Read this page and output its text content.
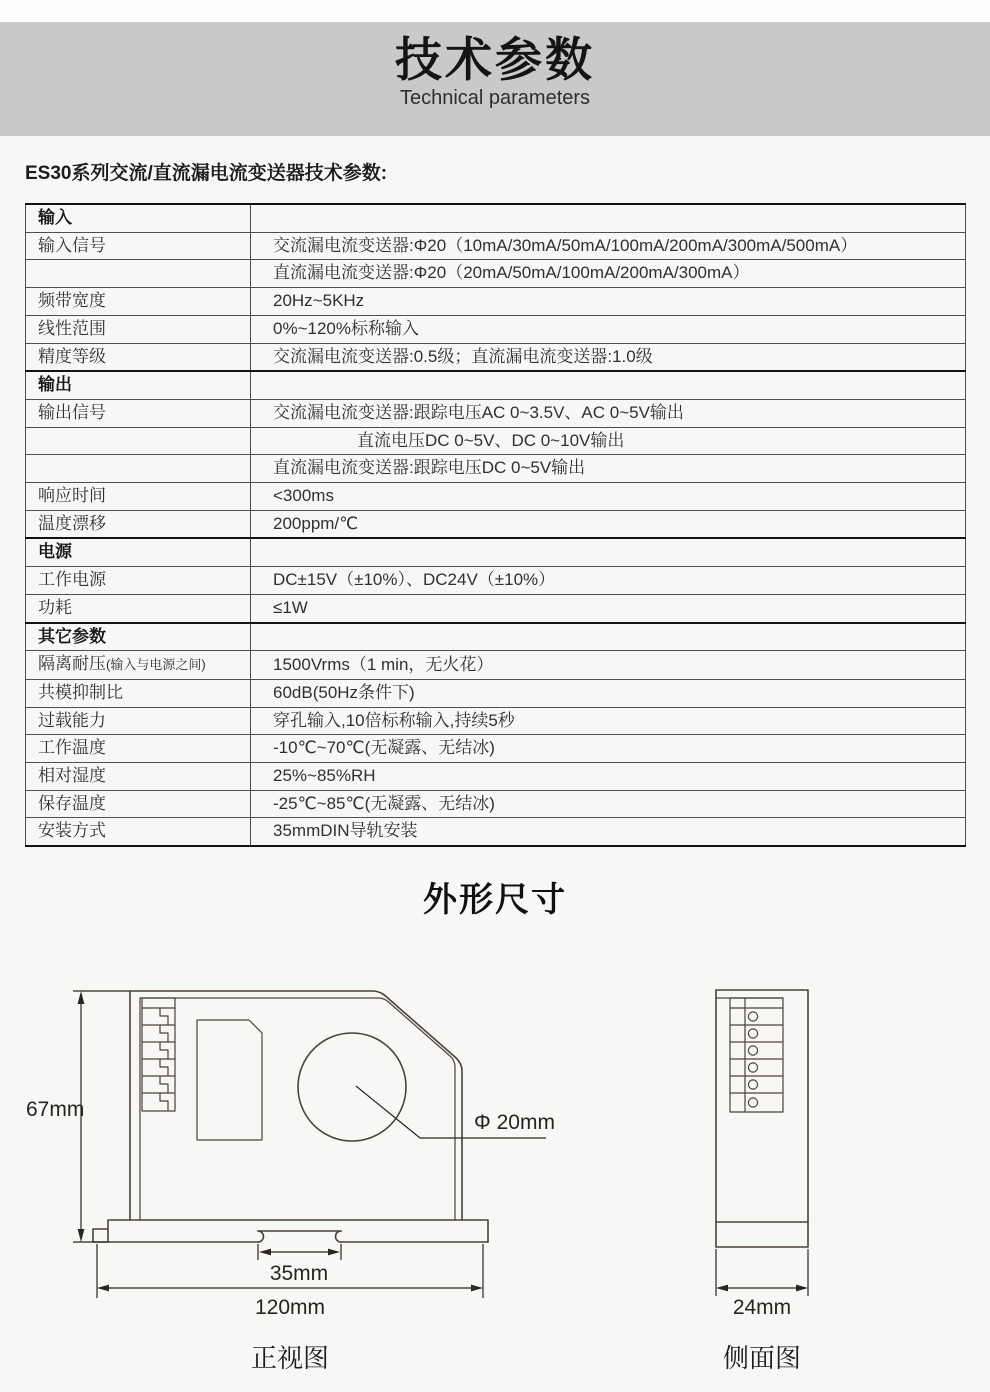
技术参数
Technical parameters
ES30系列交流/直流漏电流变送器技术参数:
输入	
输入信号	交流漏电流变送器:Φ20（10mA/30mA/50mA/100mA/200mA/300mA/500mA）
	直流漏电流变送器:Φ20（20mA/50mA/100mA/200mA/300mA）
频带宽度	20Hz~5KHz
线性范围	0%~120%标称输入
精度等级	交流漏电流变送器:0.5级；直流漏电流变送器:1.0级
输出	
输出信号	交流漏电流变送器:跟踪电压AC 0~3.5V、AC 0~5V输出
	直流电压DC 0~5V、DC 0~10V输出
	直流漏电流变送器:跟踪电压DC 0~5V输出
响应时间	<300ms
温度漂移	200ppm/℃
电源	
工作电源	DC±15V（±10%）、DC24V（±10%）
功耗	≤1W
其它参数	
隔离耐压(输入与电源之间)	1500Vrms（1 min，无火花）
共模抑制比	60dB(50Hz条件下)
过载能力	穿孔输入,10倍标称输入,持续5秒
工作温度	-10℃~70℃(无凝露、无结冰)
相对湿度	25%~85%RH
保存温度	-25℃~85℃(无凝露、无结冰)
安装方式	35mmDIN导轨安装
外形尺寸
Φ 20mm
67mm
35mm
120mm
正视图
24mm
侧面图
